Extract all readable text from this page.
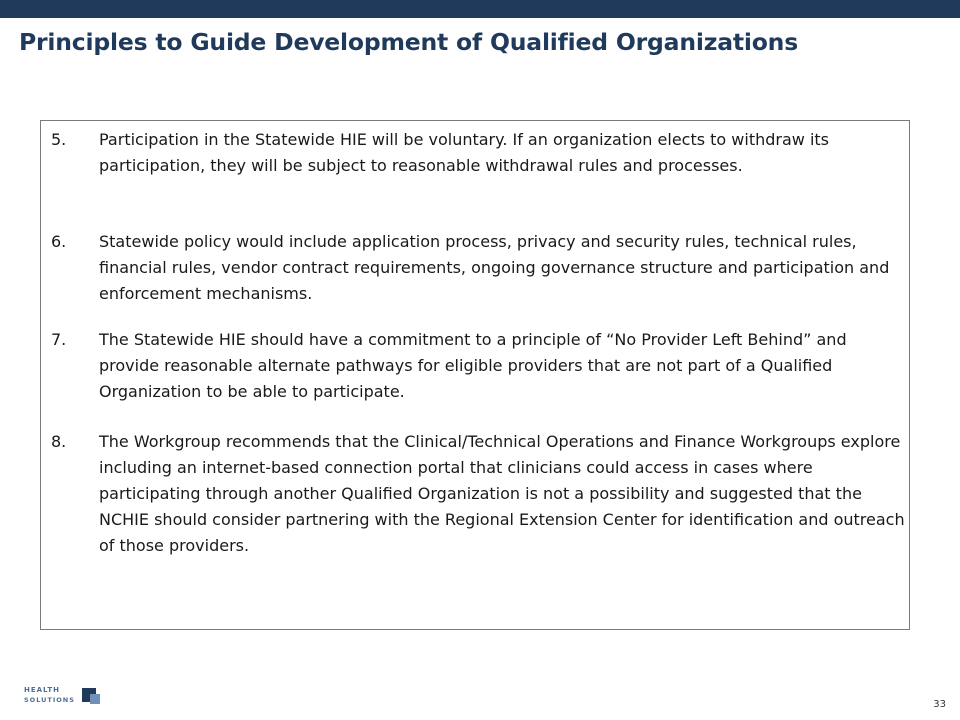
Principles to Guide Development of Qualified Organizations
5.	Participation in the Statewide HIE will be voluntary. If an organization elects to withdraw its participation, they will be subject to reasonable withdrawal rules and processes.
6.	Statewide policy would include application process, privacy and security rules, technical rules, financial rules, vendor contract requirements, ongoing governance structure and participation and enforcement mechanisms.
7.	The Statewide HIE should have a commitment to a principle of “No Provider Left Behind” and provide reasonable alternate pathways for eligible providers that are not part of a Qualified Organization to be able to participate.
8.	The Workgroup recommends that the Clinical/Technical Operations and Finance Workgroups explore including an internet-based connection portal that clinicians could access in cases where participating through another Qualified Organization is not a possibility and suggested that the NCHIE should consider partnering with the Regional Extension Center for identification and outreach of those providers.
HEALTH
SOLUTIONS	33
